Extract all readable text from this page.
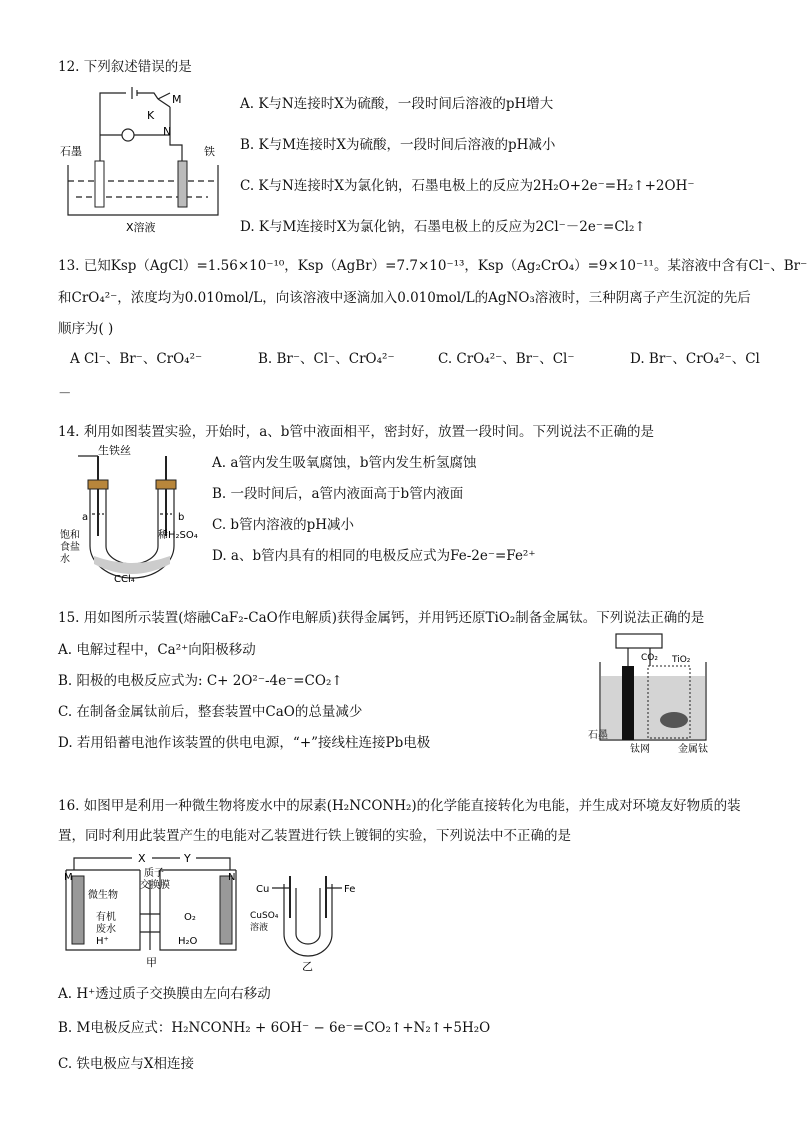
12. 下列叙述错误的是
M
K
N
石墨	铁
X溶液
A. K与N连接时X为硫酸，一段时间后溶液的pH增大
B. K与M连接时X为硫酸，一段时间后溶液的pH减小
C. K与N连接时X为氯化钠，石墨电极上的反应为2H₂O+2e⁻=H₂↑+2OH⁻
D. K与M连接时X为氯化钠，石墨电极上的反应为2Cl⁻－2e⁻=Cl₂↑
13. 已知Ksp（AgCl）=1.56×10⁻¹⁰，Ksp（AgBr）=7.7×10⁻¹³，Ksp（Ag₂CrO₄）=9×10⁻¹¹。某溶液中含有Cl⁻、Br⁻
和CrO₄²⁻，浓度均为0.010mol/L，向该溶液中逐滴加入0.010mol/L的AgNO₃溶液时，三种阴离子产生沉淀的先后
顺序为( )
A Cl⁻、Br⁻、CrO₄²⁻	B. Br⁻、Cl⁻、CrO₄²⁻	C. CrO₄²⁻、Br⁻、Cl⁻	D. Br⁻、CrO₄²⁻、Cl
－
14. 利用如图装置实验，开始时，a、b管中液面相平，密封好，放置一段时间。下列说法不正确的是
生铁丝
a	b
饱和
食盐
水
稀H₂SO₄
CCl₄
A. a管内发生吸氧腐蚀，b管内发生析氢腐蚀
B. 一段时间后，a管内液面高于b管内液面
C. b管内溶液的pH减小
D. a、b管内具有的相同的电极反应式为Fe-2e⁻=Fe²⁺
15. 用如图所示装置(熔融CaF₂-CaO作电解质)获得金属钙，并用钙还原TiO₂制备金属钛。下列说法正确的是
A. 电解过程中，Ca²⁺向阳极移动
B. 阳极的电极反应式为: C+ 2O²⁻-4e⁻=CO₂↑
C. 在制备金属钛前后，整套装置中CaO的总量减少
D. 若用铅蓄电池作该装置的供电电源，“+”接线柱连接Pb电极
CO₂ TiO₂
石墨
钛网	金属钛
16. 如图甲是利用一种微生物将废水中的尿素(H₂NCONH₂)的化学能直接转化为电能，并生成对环境友好物质的装
置，同时利用此装置产生的电能对乙装置进行铁上镀铜的实验，下列说法中不正确的是
X	Y
M	N
微生物
质子
交换膜
有机
废水
H⁺
O₂
H₂O
甲
Cu	Fe
CuSO₄
溶液
乙
A. H⁺透过质子交换膜由左向右移动
B. M电极反应式：H₂NCONH₂ + 6OH⁻ − 6e⁻=CO₂↑+N₂↑+5H₂O
C. 铁电极应与X相连接
